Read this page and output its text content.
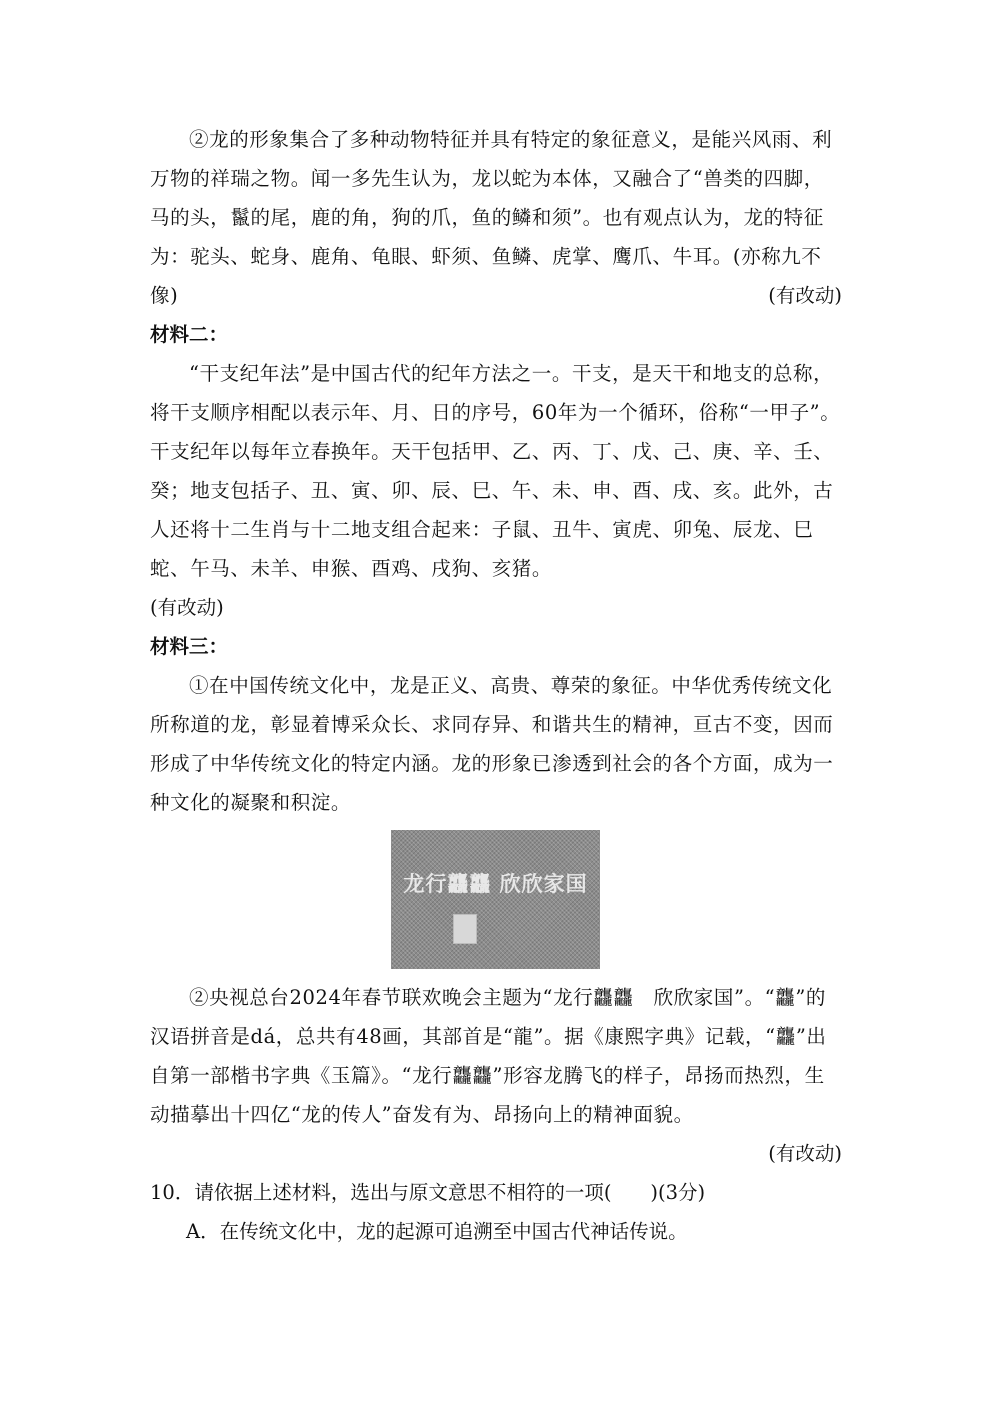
②龙的形象集合了多种动物特征并具有特定的象征意义，是能兴风雨、利万物的祥瑞之物。闻一多先生认为，龙以蛇为本体，又融合了“兽类的四脚，马的头，鬣的尾，鹿的角，狗的爪，鱼的鳞和须”。也有观点认为，龙的特征为：驼头、蛇身、鹿角、龟眼、虾须、鱼鳞、虎掌、鹰爪、牛耳。(亦称九不像)	(有改动)

材料二：

“干支纪年法”是中国古代的纪年方法之一。干支，是天干和地支的总称，将干支顺序相配以表示年、月、日的序号，60年为一个循环，俗称“一甲子”。干支纪年以每年立春换年。天干包括甲、乙、丙、丁、戊、己、庚、辛、壬、癸；地支包括子、丑、寅、卯、辰、巳、午、未、申、酉、戌、亥。此外，古人还将十二生肖与十二地支组合起来：子鼠、丑牛、寅虎、卯兔、辰龙、巳蛇、午马、未羊、申猴、酉鸡、戌狗、亥猪。

(有改动)

材料三：

①在中国传统文化中，龙是正义、高贵、尊荣的象征。中华优秀传统文化所称道的龙，彰显着博采众长、求同存异、和谐共生的精神，亘古不变，因而形成了中华传统文化的特定内涵。龙的形象已渗透到社会的各个方面，成为一种文化的凝聚和积淀。

龙行龘龘 欣欣家国

②央视总台2024年春节联欢晚会主题为“龙行龘龘　欣欣家国”。“龘”的汉语拼音是dá，总共有48画，其部首是“龍”。据《康熙字典》记载，“龘”出自第一部楷书字典《玉篇》。“龙行龘龘”形容龙腾飞的样子，昂扬而热烈，生动描摹出十四亿“龙的传人”奋发有为、昂扬向上的精神面貌。

(有改动)

10．请依据上述材料，选出与原文意思不相符的一项(　　)(3分)

A．在传统文化中，龙的起源可追溯至中国古代神话传说。
